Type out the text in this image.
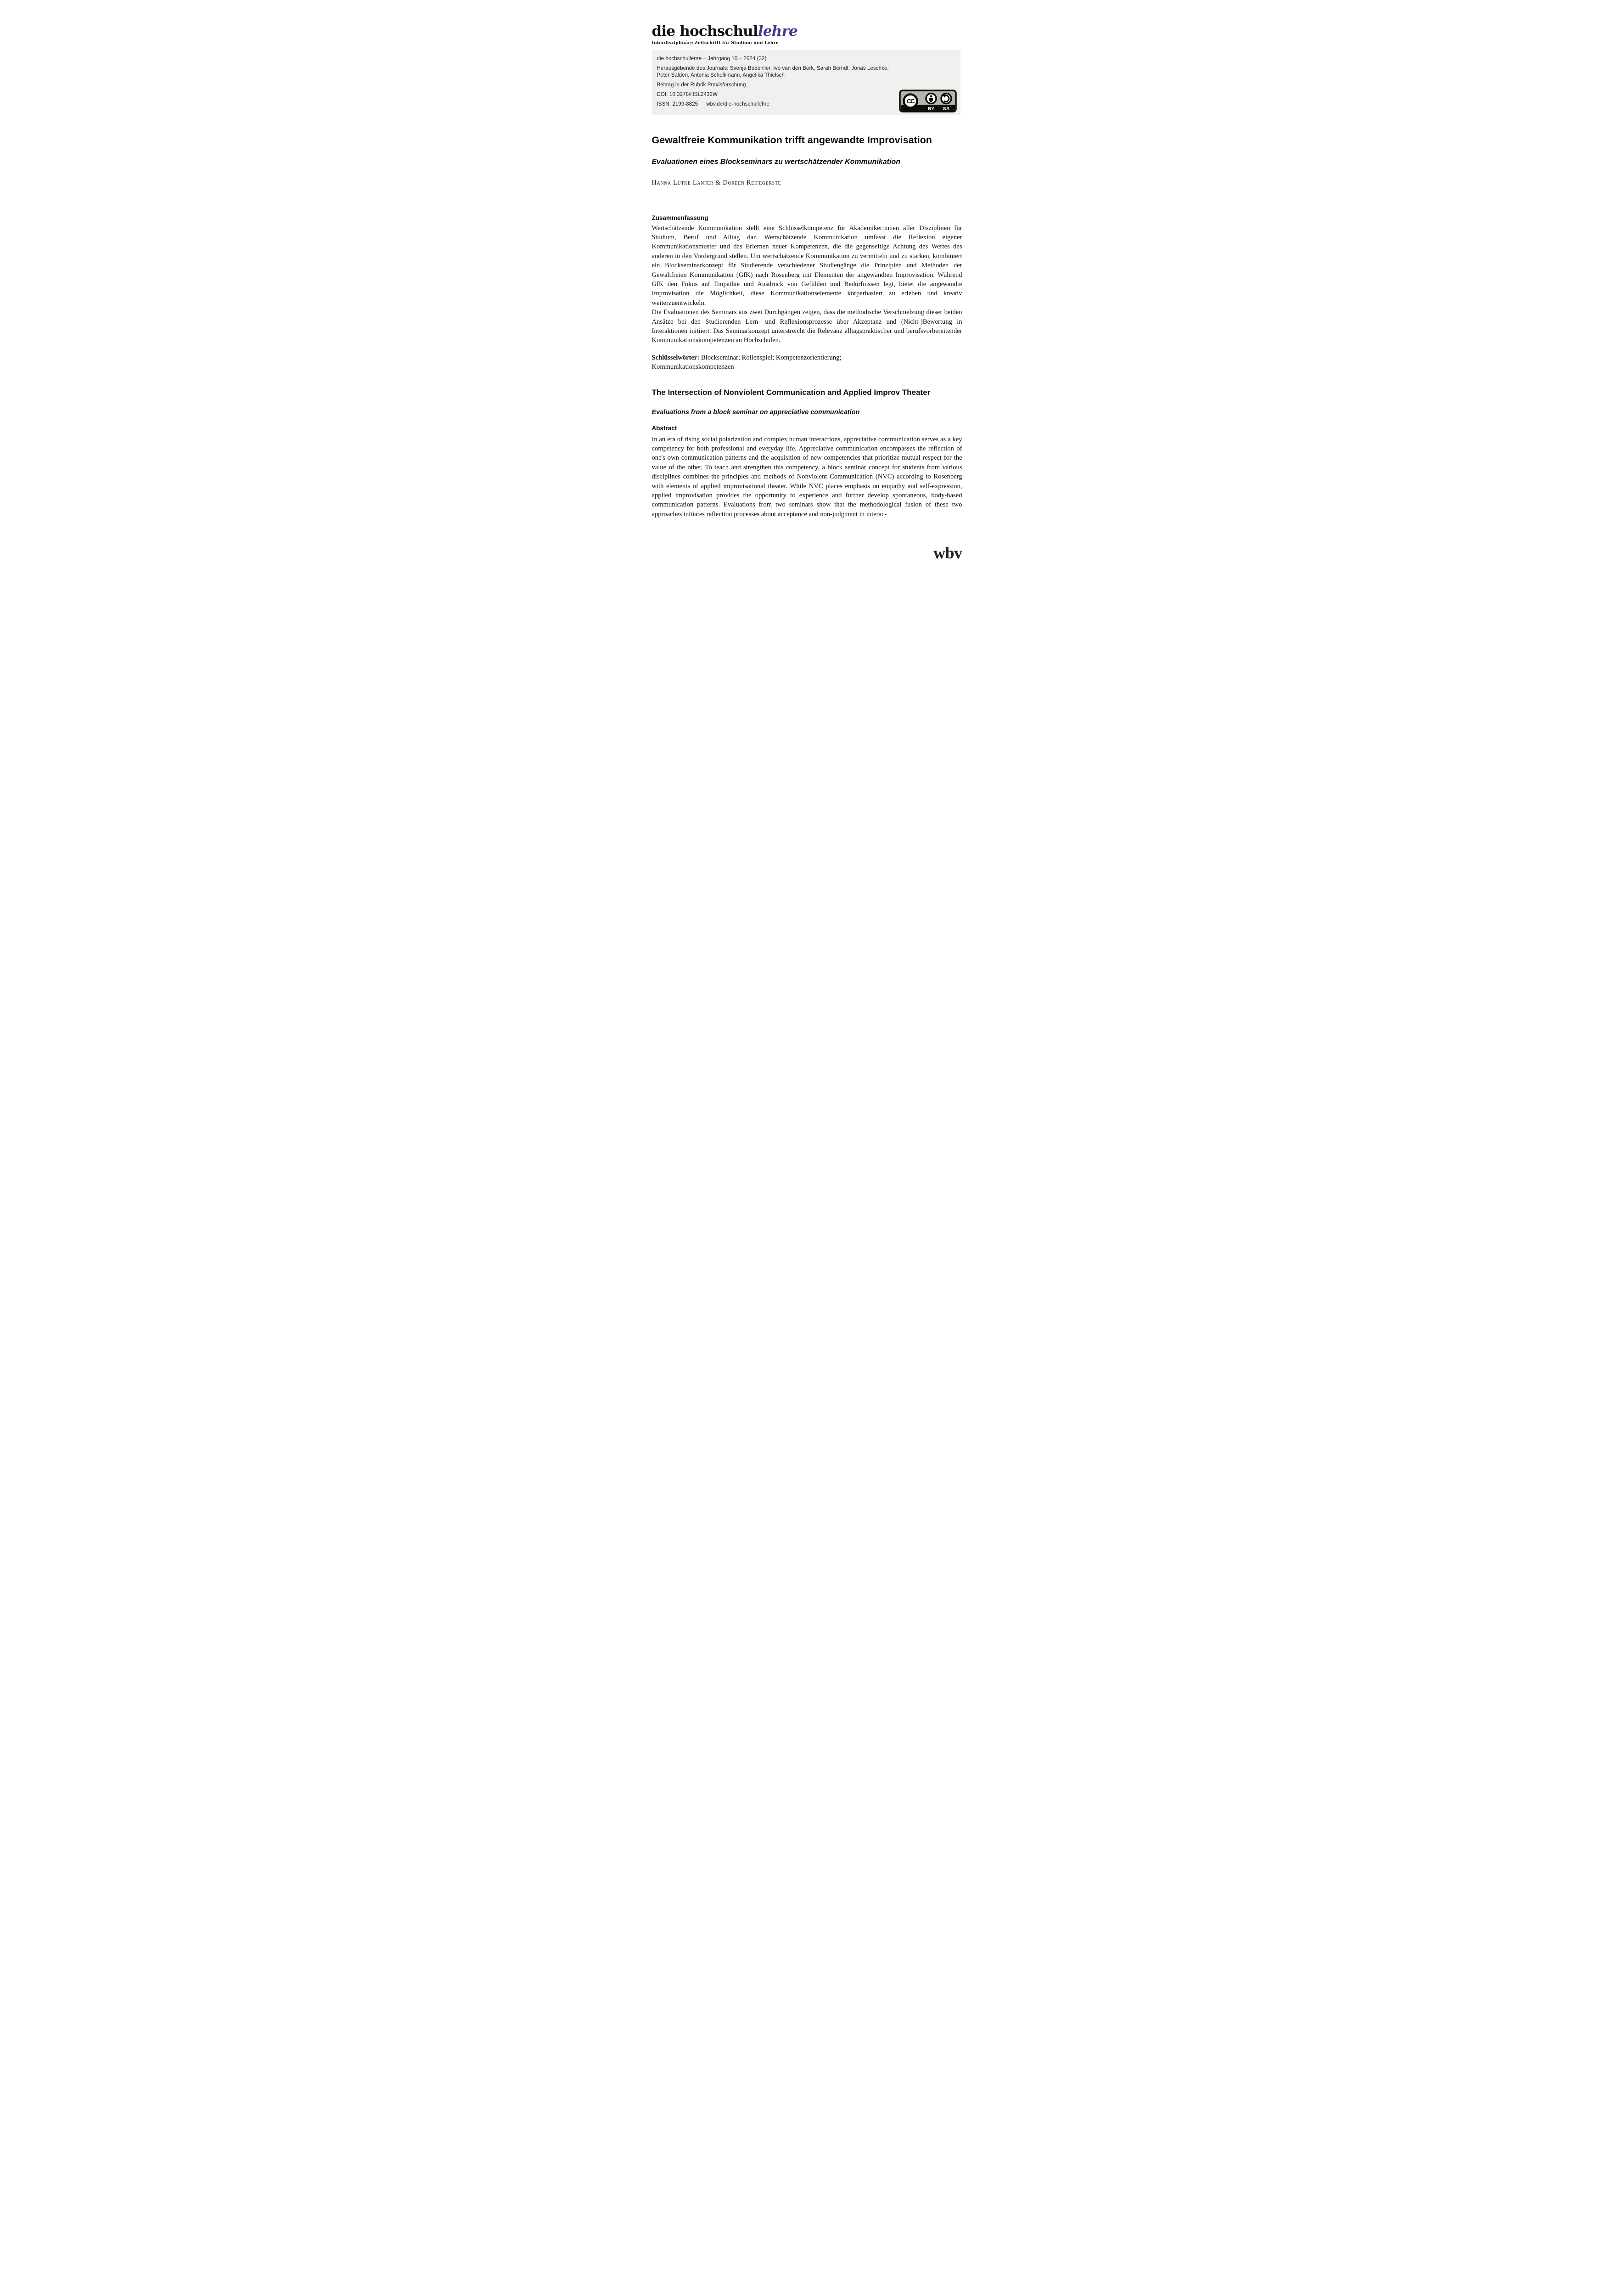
die hochschullehre
Interdisziplinäre Zeitschrift für Studium und Lehre

die hochschullehre – Jahrgang 10 – 2024 (32)

Herausgebende des Journals: Svenja Bedenlier, Ivo van den Berk, Sarah Berndt, Jonas Leschke,

Peter Salden, Antonia Scholkmann, Angelika Thielsch

Beitrag in der Rubrik Praxisforschung

DOI: 10.3278/HSL2432W

ISSN: 2199-8825 wbv.de/die-hochschullehre	CC
BY SA
Gewaltfreie Kommunikation trifft angewandte Improvisation
Evaluationen eines Blockseminars zu wertschätzender Kommunikation
Hanna Lütke Lanfer & Doreen Reifegerste
Zusammenfassung

Wertschätzende Kommunikation stellt eine Schlüsselkompetenz für Akademiker:innen aller Disziplinen für Studium, Beruf und Alltag dar. Wertschätzende Kommunikation umfasst die Reflexion eigener Kommunikationsmuster und das Erlernen neuer Kompetenzen, die die gegenseitige Achtung des Wertes des anderen in den Vordergrund stellen. Um wertschätzende Kommunikation zu vermitteln und zu stärken, kombiniert ein Blockseminarkonzept für Studierende verschiedener Studiengänge die Prinzipien und Methoden der Gewaltfreien Kommunikation (GfK) nach Rosenberg mit Elementen der angewandten Improvisation. Während GfK den Fokus auf Empathie und Ausdruck von Gefühlen und Bedürfnissen legt, bietet die angewandte Improvisation die Möglichkeit, diese Kommunikationselemente körperbasiert zu erleben und kreativ weiterzuentwickeln.

Die Evaluationen des Seminars aus zwei Durchgängen zeigen, dass die methodische Verschmelzung dieser beiden Ansätze bei den Studierenden Lern- und Reflexionsprozesse über Akzeptanz und (Nicht-)Bewertung in Interaktionen initiiert. Das Seminarkonzept unterstreicht die Relevanz alltagspraktischer und berufsvorbereitender Kommunikationskompetenzen an Hochschulen.

Schlüsselwörter: Blockseminar; Rollenspiel; Kompetenzorientierung; Kommunikationskompetenzen

The Intersection of Nonviolent Communication and Applied Improv Theater
Evaluations from a block seminar on appreciative communication
Abstract

In an era of rising social polarization and complex human interactions, appreciative communication serves as a key competency for both professional and everyday life. Appreciative communication encompasses the reflection of one's own communication patterns and the acquisition of new competencies that prioritize mutual respect for the value of the other. To teach and strengthen this competency, a block seminar concept for students from various disciplines combines the principles and methods of Nonviolent Communication (NVC) according to Rosenberg with elements of applied improvisational theater. While NVC places emphasis on empathy and self-expression, applied improvisation provides the opportunity to experience and further develop spontaneous, body-based communication patterns. Evaluations from two seminars show that the methodological fusion of these two approaches initiates reflection processes about acceptance and non-judgment in interac-

wbv
